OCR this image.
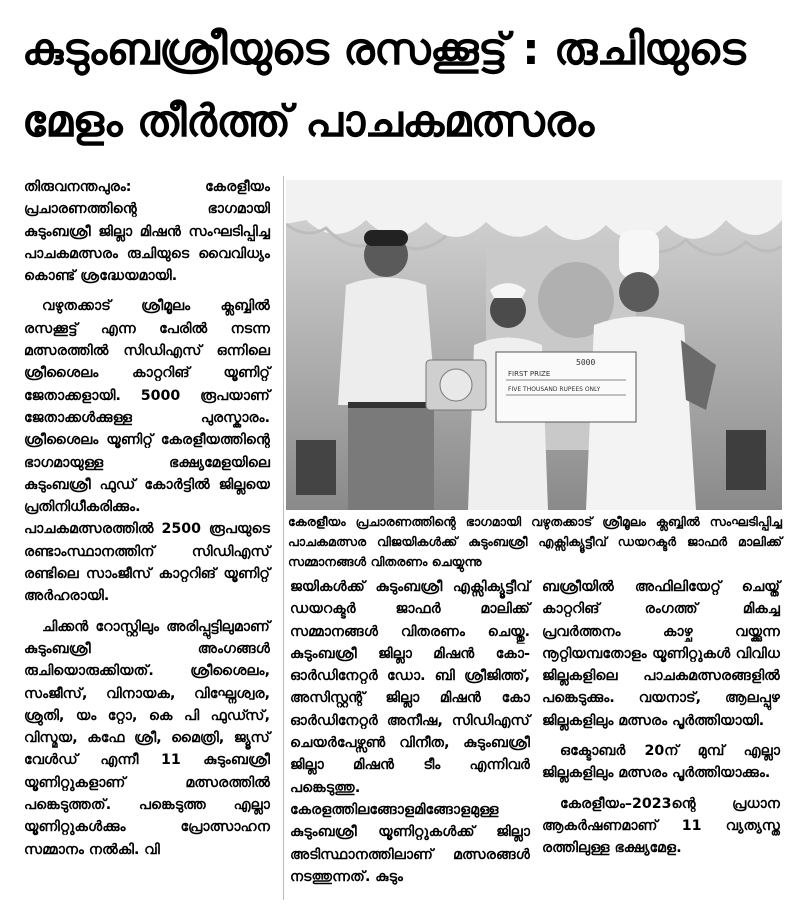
കുടുംബശ്രീയുടെ രസക്കൂട്ട് : രുചിയുടെ
മേളം തീർത്ത് പാചകമത്സരം

തിരുവനന്തപുരം: കേരളീയം പ്രചാരണത്തിന്റെ ഭാഗമായി കുടുംബശ്രീ ജില്ലാ മിഷൻ സംഘടിപ്പിച്ച പാചകമത്സരം രുചിയുടെ വൈവിധ്യം കൊണ്ട് ശ്രദ്ധേയമായി.

വഴുതക്കാട് ശ്രീമൂലം ക്ലബ്ബിൽ രസക്കൂട്ട് എന്ന പേരിൽ നടന്ന മത്സരത്തിൽ സിഡിഎസ് ഒന്നിലെ ശ്രീശൈലം കാറ്ററിങ് യൂണിറ്റ് ജേതാക്കളായി. 5000 രൂപയാണ് ജേതാക്കൾക്കുള്ള പുരസ്കാരം. ശ്രീശൈലം യൂണിറ്റ് കേരളീയത്തിന്റെ ഭാഗമായുള്ള ഭക്ഷ്യമേളയിലെ കുടുംബശ്രീ ഫുഡ് കോർട്ടിൽ ജില്ലയെ പ്രതിനിധീകരിക്കും. പാചകമത്സരത്തിൽ 2500 രൂപയുടെ രണ്ടാംസ്ഥാനത്തിന് സിഡിഎസ് രണ്ടിലെ സാംജീസ് കാറ്ററിങ് യൂണിറ്റ് അർഹരായി.

ചിക്കൻ റോസ്റ്റിലും അരിപ്പുട്ടിലുമാണ് കുടുംബശ്രീ അംഗങ്ങൾ രുചിയൊരുക്കിയത്. ശ്രീശൈലം, സംജീസ്, വിനായക, വിഘ്നേശ്വര, ശ്രുതി, യം റ്റോ, കെ പി ഫുഡ്സ്, വിസ്മയ, കഫേ ശ്രീ, മൈത്രി, ജ്യൂസ് വേൾഡ് എന്നീ 11 കുടുംബശ്രീ യൂണിറ്റുകളാണ് മത്സരത്തിൽ പങ്കെടുത്തത്. പങ്കെടുത്ത എല്ലാ യൂണിറ്റുകൾക്കും പ്രോത്സാഹന സമ്മാനം നൽകി. വി

FIRST PRIZE
FIVE THOUSAND RUPEES ONLY
5000
കേരളീയം പ്രചാരണത്തിന്റെ ഭാഗമായി വഴുതക്കാട് ശ്രീമൂലം ക്ലബ്ബിൽ സംഘടിപ്പിച്ച പാചകമത്സര വിജയികൾക്ക് കുടുംബശ്രീ എക്സിക്യൂട്ടീവ് ഡയറക്ടർ ജാഫർ മാലിക്ക് സമ്മാനങ്ങൾ വിതരണം ചെയ്യുന്നു

ജയികൾക്ക് കുടുംബശ്രീ എക്സിക്യൂട്ടീവ് ഡയറക്ടർ ജാഫർ മാലിക്ക് സമ്മാനങ്ങൾ വിതരണം ചെയ്തു. കുടുംബശ്രീ ജില്ലാ മിഷൻ കോ-ഓർഡിനേറ്റർ ഡോ. ബി ശ്രീജിത്ത്, അസിസ്റ്റന്റ് ജില്ലാ മിഷൻ കോ ഓർഡിനേറ്റർ അനീഷ, സിഡിഎസ് ചെയർപേഴ്സൺ വിനീത, കുടുംബശ്രീ ജില്ലാ മിഷൻ ടീം എന്നിവർ പങ്കെടുത്തു. കേരളത്തിലങ്ങോളമിങ്ങോളമുള്ള കുടുംബശ്രീ യൂണിറ്റുകൾക്ക് ജില്ലാ അടിസ്ഥാനത്തിലാണ് മത്സരങ്ങൾ നടത്തുന്നത്. കുടും

ബശ്രീയിൽ അഫിലിയേറ്റ് ചെയ്ത് കാറ്ററിങ് രംഗത്ത് മികച്ച പ്രവർത്തനം കാഴ്ച വയ്ക്കുന്ന നൂറ്റിയമ്പതോളം യൂണിറ്റുകൾ വിവിധ ജില്ലകളിലെ പാചകമത്സരങ്ങളിൽ പങ്കെടുക്കും. വയനാട്, ആലപ്പുഴ ജില്ലകളിലും മത്സരം പൂർത്തിയായി.

ഒക്ടോബർ 20ന് മുമ്പ് എല്ലാ ജില്ലകളിലും മത്സരം പൂർത്തിയാക്കും.

കേരളീയം–2023ന്റെ പ്രധാന ആകർഷണമാണ് 11 വ്യത്യസ്ത രത്തിലുള്ള ഭക്ഷ്യമേള.
